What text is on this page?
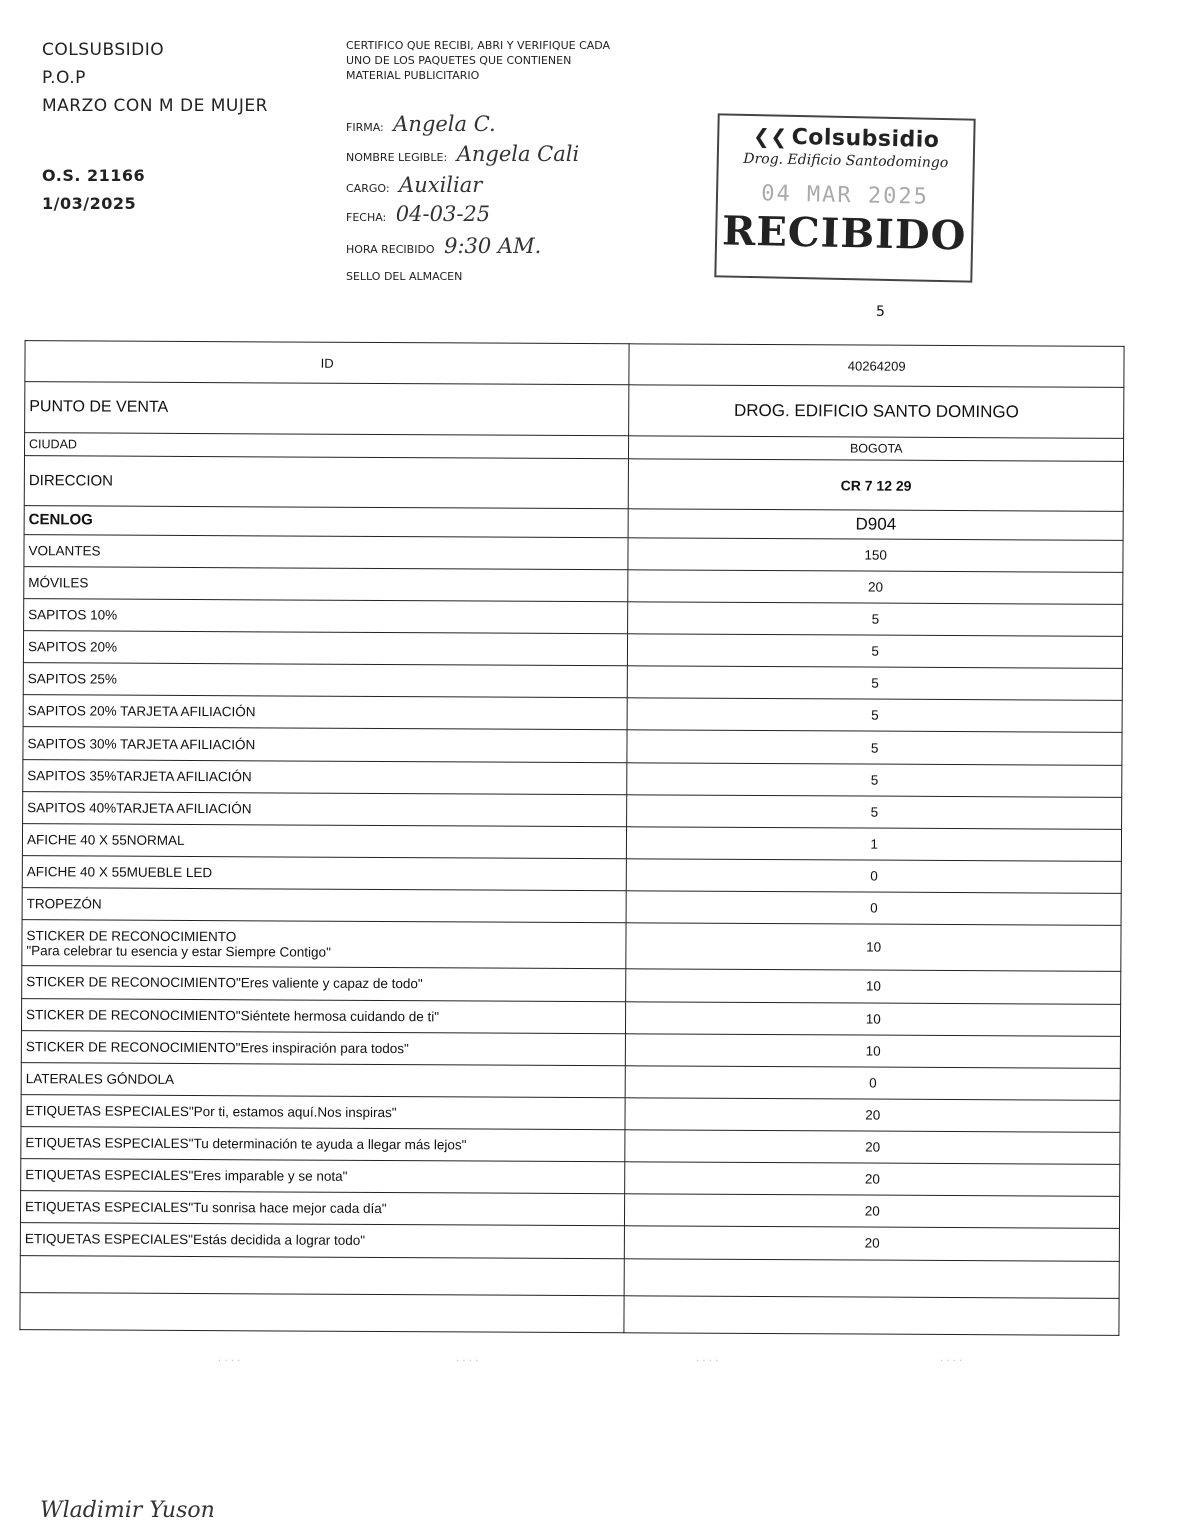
COLSUBSIDIO
P.O.P
MARZO CON M DE MUJER
O.S. 21166
1/03/2025
CERTIFICO QUE RECIBI, ABRI Y VERIFIQUE CADA UNO DE LOS PAQUETES QUE CONTIENEN MATERIAL PUBLICITARIO
FIRMA: Angela C.
NOMBRE LEGIBLE: Angela Cali
CARGO: Auxiliar
FECHA: 04-03-25
HORA RECIBIDO 9:30 AM.
SELLO DEL ALMACEN
❮❮ Colsubsidio
Drog. Edificio Santodomingo
04 MAR 2025
RECIBIDO
5
ID	40264209
PUNTO DE VENTA	DROG. EDIFICIO SANTO DOMINGO
CIUDAD	BOGOTA
DIRECCION	CR 7 12 29
CENLOG	D904
VOLANTES	150
MÓVILES	20
SAPITOS 10%	5
SAPITOS 20%	5
SAPITOS 25%	5
SAPITOS 20% TARJETA AFILIACIÓN	5
SAPITOS 30% TARJETA AFILIACIÓN	5
SAPITOS 35%TARJETA AFILIACIÓN	5
SAPITOS 40%TARJETA AFILIACIÓN	5
AFICHE 40 X 55NORMAL	1
AFICHE 40 X 55MUEBLE LED	0
TROPEZÓN	0

STICKER DE RECONOCIMIENTO
"Para celebrar tu esencia y estar Siempre Contigo"	10
STICKER DE RECONOCIMIENTO"Eres valiente y capaz de todo"	10
STICKER DE RECONOCIMIENTO"Siéntete hermosa cuidando de ti"	10
STICKER DE RECONOCIMIENTO"Eres inspiración para todos"	10
LATERALES GÓNDOLA	0
ETIQUETAS ESPECIALES"Por ti, estamos aquí.Nos inspiras"	20
ETIQUETAS ESPECIALES"Tu determinación te ayuda a llegar más lejos"	20
ETIQUETAS ESPECIALES"Eres imparable y se nota"	20
ETIQUETAS ESPECIALES"Tu sonrisa hace mejor cada día"	20
ETIQUETAS ESPECIALES"Estás decidida a lograr todo"	20

· · · ·	· · · ·	· · · ·	· · · ·
Wladimir Yuson
